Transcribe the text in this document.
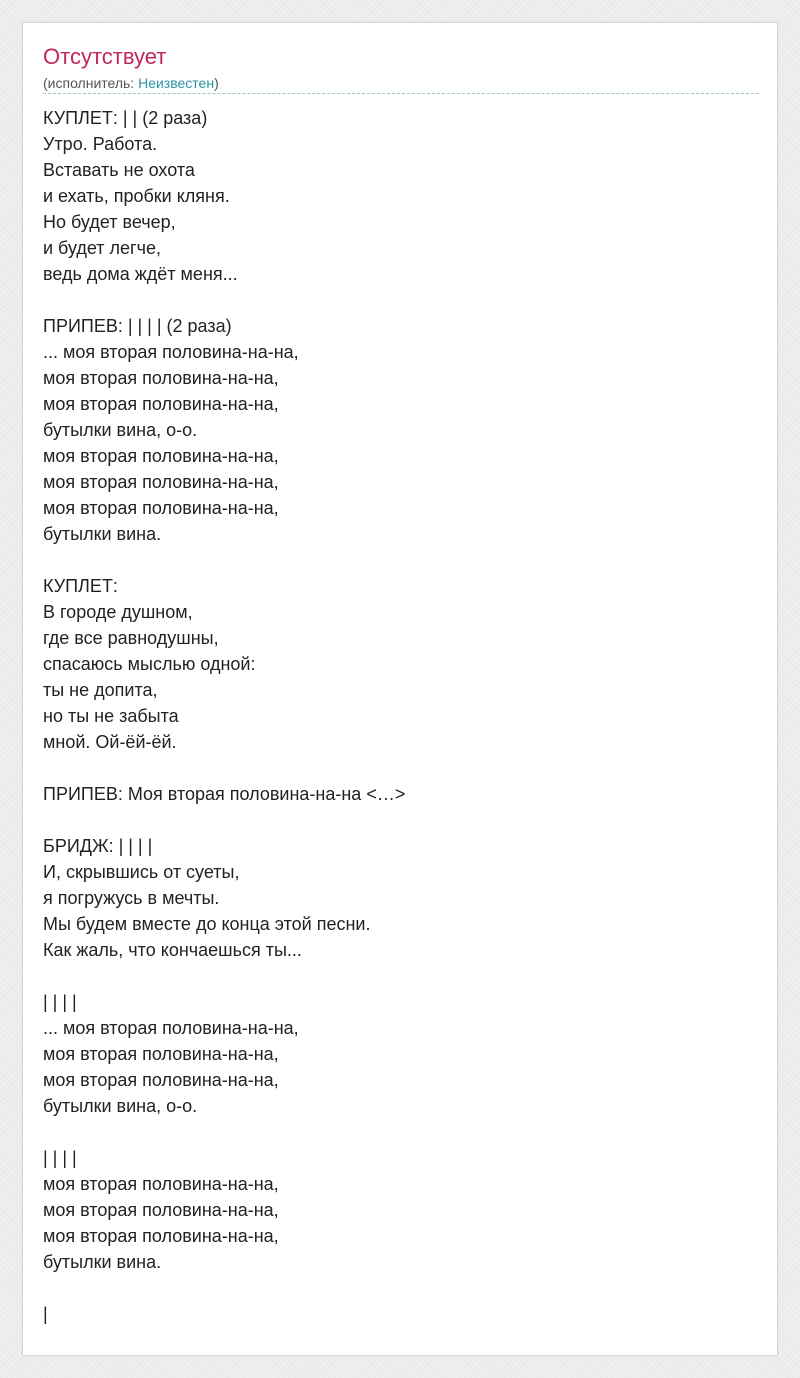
Отсутствует
(исполнитель: Неизвестен)
КУПЛЕТ: | | (2 раза)
Утро. Работа.
Вставать не охота
и ехать, пробки кляня.
Но будет вечер,
и будет легче,
ведь дома ждёт меня...
ПРИПЕВ: | | | | (2 раза)
... моя вторая половина-на-на,
моя вторая половина-на-на,
моя вторая половина-на-на,
бутылки вина, о-о.
моя вторая половина-на-на,
моя вторая половина-на-на,
моя вторая половина-на-на,
бутылки вина.
КУПЛЕТ:
В городе душном,
где все равнодушны,
спасаюсь мыслью одной:
ты не допита,
но ты не забыта
мной. Ой-ёй-ёй.
ПРИПЕВ: Моя вторая половина-на-на <…>
БРИДЖ: | | | |
И, скрывшись от суеты,
я погружусь в мечты.
Мы будем вместе до конца этой песни.
Как жаль, что кончаешься ты...
| | | |
... моя вторая половина-на-на,
моя вторая половина-на-на,
моя вторая половина-на-на,
бутылки вина, о-о.
| | | |
моя вторая половина-на-на,
моя вторая половина-на-на,
моя вторая половина-на-на,
бутылки вина.
|
